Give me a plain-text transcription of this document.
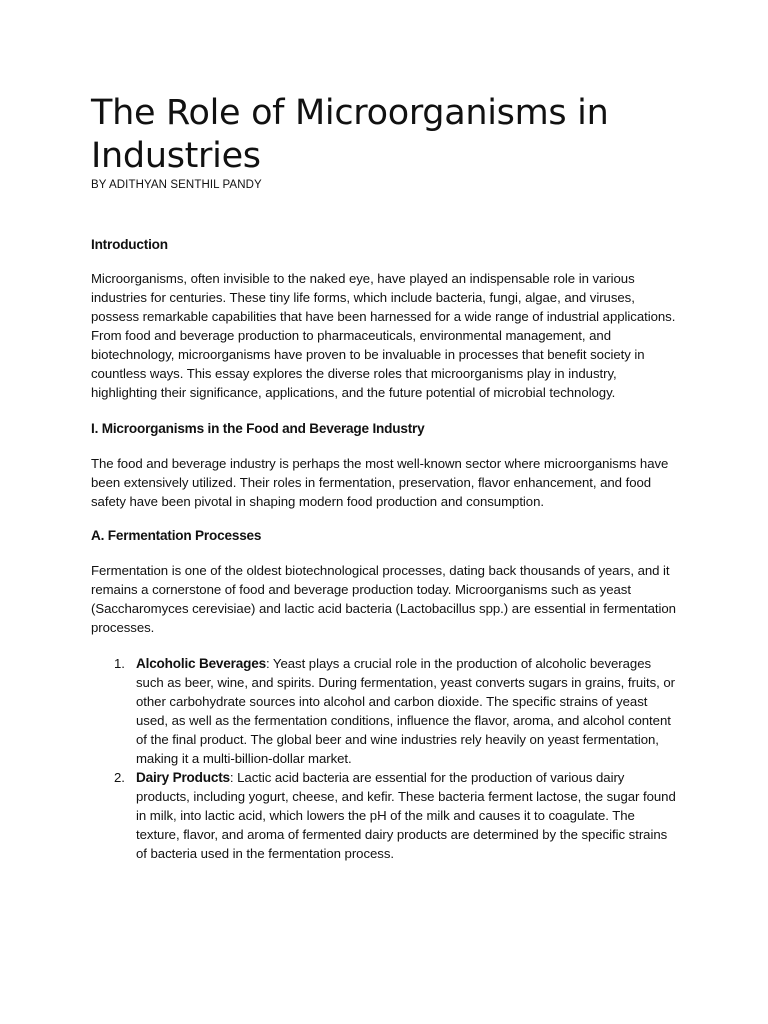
The Role of Microorganisms in Industries

BY ADITHYAN SENTHIL PANDY

Introduction

Microorganisms, often invisible to the naked eye, have played an indispensable role in various industries for centuries. These tiny life forms, which include bacteria, fungi, algae, and viruses, possess remarkable capabilities that have been harnessed for a wide range of industrial applications. From food and beverage production to pharmaceuticals, environmental management, and biotechnology, microorganisms have proven to be invaluable in processes that benefit society in countless ways. This essay explores the diverse roles that microorganisms play in industry, highlighting their significance, applications, and the future potential of microbial technology.

I. Microorganisms in the Food and Beverage Industry

The food and beverage industry is perhaps the most well-known sector where microorganisms have been extensively utilized. Their roles in fermentation, preservation, flavor enhancement, and food safety have been pivotal in shaping modern food production and consumption.

A. Fermentation Processes

Fermentation is one of the oldest biotechnological processes, dating back thousands of years, and it remains a cornerstone of food and beverage production today. Microorganisms such as yeast (Saccharomyces cerevisiae) and lactic acid bacteria (Lactobacillus spp.) are essential in fermentation processes.

1. Alcoholic Beverages: Yeast plays a crucial role in the production of alcoholic beverages such as beer, wine, and spirits. During fermentation, yeast converts sugars in grains, fruits, or other carbohydrate sources into alcohol and carbon dioxide. The specific strains of yeast used, as well as the fermentation conditions, influence the flavor, aroma, and alcohol content of the final product. The global beer and wine industries rely heavily on yeast fermentation, making it a multi-billion-dollar market.
2. Dairy Products: Lactic acid bacteria are essential for the production of various dairy products, including yogurt, cheese, and kefir. These bacteria ferment lactose, the sugar found in milk, into lactic acid, which lowers the pH of the milk and causes it to coagulate. The texture, flavor, and aroma of fermented dairy products are determined by the specific strains of bacteria used in the fermentation process.
